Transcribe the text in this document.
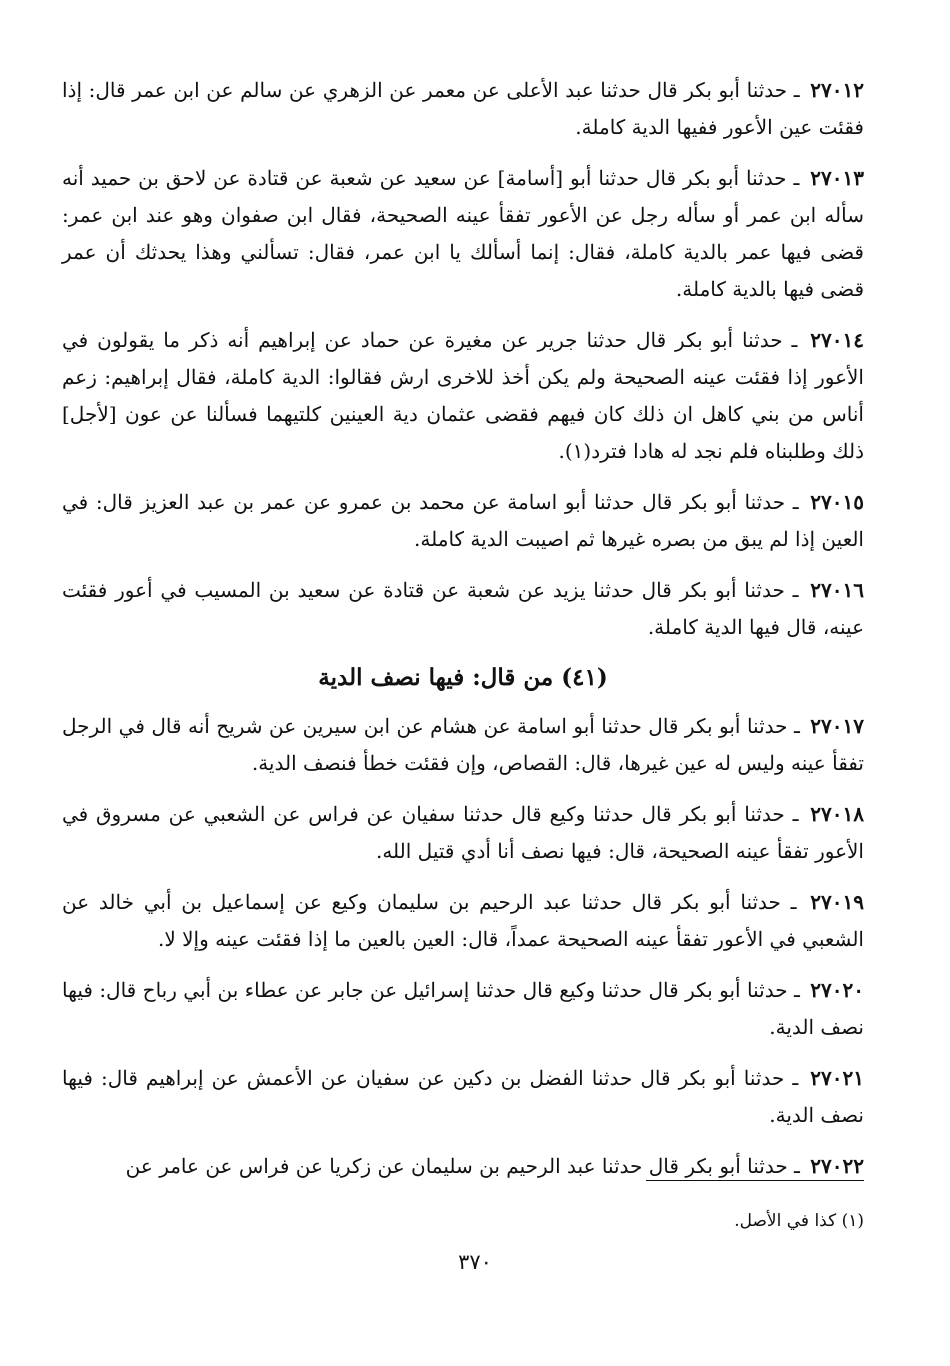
٢٧٠١٢ ـ حدثنا أبو بكر قال حدثنا عبد الأعلى عن معمر عن الزهري عن سالم عن ابن عمر قال: إذا فقئت عين الأعور ففيها الدية كاملة.
٢٧٠١٣ ـ حدثنا أبو بكر قال حدثنا أبو [أسامة] عن سعيد عن شعبة عن قتادة عن لاحق بن حميد أنه سأله ابن عمر أو سأله رجل عن الأعور تفقأ عينه الصحيحة، فقال ابن صفوان وهو عند ابن عمر: قضى فيها عمر بالدية كاملة، فقال: إنما أسألك يا ابن عمر، فقال: تسألني وهذا يحدثك أن عمر قضى فيها بالدية كاملة.
٢٧٠١٤ ـ حدثنا أبو بكر قال حدثنا جرير عن مغيرة عن حماد عن إبراهيم أنه ذكر ما يقولون في الأعور إذا فقئت عينه الصحيحة ولم يكن أخذ للاخرى ارش فقالوا: الدية كاملة، فقال إبراهيم: زعم أناس من بني كاهل ان ذلك كان فيهم فقضى عثمان دية العينين كلتيهما فسألنا عن عون [لأجل] ذلك وطلبناه فلم نجد له هادا فترد(١).
٢٧٠١٥ ـ حدثنا أبو بكر قال حدثنا أبو اسامة عن محمد بن عمرو عن عمر بن عبد العزيز قال: في العين إذا لم يبق من بصره غيرها ثم اصيبت الدية كاملة.
٢٧٠١٦ ـ حدثنا أبو بكر قال حدثنا يزيد عن شعبة عن قتادة عن سعيد بن المسيب في أعور فقئت عينه، قال فيها الدية كاملة.
(٤١) من قال: فيها نصف الدية
٢٧٠١٧ ـ حدثنا أبو بكر قال حدثنا أبو اسامة عن هشام عن ابن سيرين عن شريح أنه قال في الرجل تفقأ عينه وليس له عين غيرها، قال: القصاص، وإن فقئت خطأ فنصف الدية.
٢٧٠١٨ ـ حدثنا أبو بكر قال حدثنا وكيع قال حدثنا سفيان عن فراس عن الشعبي عن مسروق في الأعور تفقأ عينه الصحيحة، قال: فيها نصف أنا أدي قتيل الله.
٢٧٠١٩ ـ حدثنا أبو بكر قال حدثنا عبد الرحيم بن سليمان وكيع عن إسماعيل بن أبي خالد عن الشعبي في الأعور تفقأ عينه الصحيحة عمداً، قال: العين بالعين ما إذا فقئت عينه وإلا لا.
٢٧٠٢٠ ـ حدثنا أبو بكر قال حدثنا وكيع قال حدثنا إسرائيل عن جابر عن عطاء بن أبي رباح قال: فيها نصف الدية.
٢٧٠٢١ ـ حدثنا أبو بكر قال حدثنا الفضل بن دكين عن سفيان عن الأعمش عن إبراهيم قال: فيها نصف الدية.
٢٧٠٢٢ ـ حدثنا أبو بكر قال حدثنا عبد الرحيم بن سليمان عن زكريا عن فراس عن عامر عن
(١) كذا في الأصل.
٣٧٠
